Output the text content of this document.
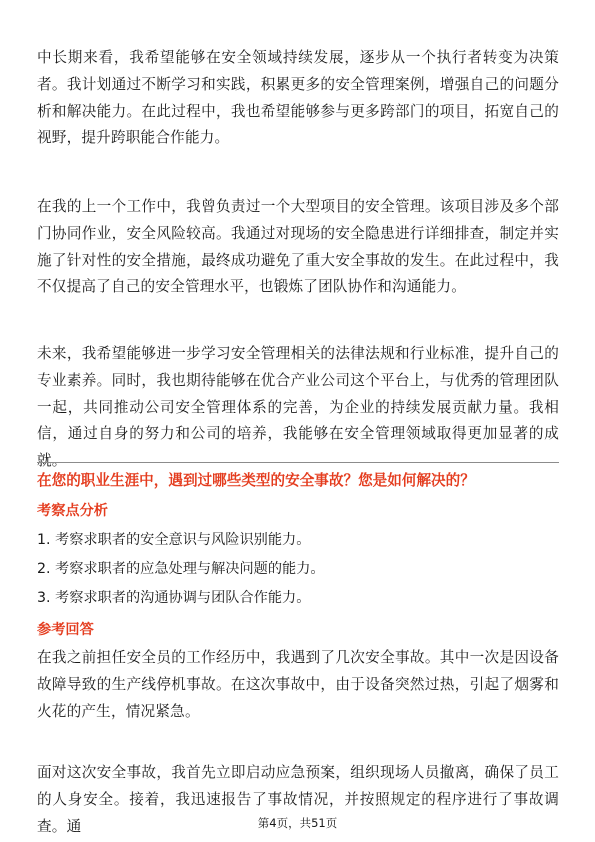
中长期来看，我希望能够在安全领域持续发展，逐步从一个执行者转变为决策者。我计划通过不断学习和实践，积累更多的安全管理案例，增强自己的问题分析和解决能力。在此过程中，我也希望能够参与更多跨部门的项目，拓宽自己的视野，提升跨职能合作能力。

在我的上一个工作中，我曾负责过一个大型项目的安全管理。该项目涉及多个部门协同作业，安全风险较高。我通过对现场的安全隐患进行详细排查，制定并实施了针对性的安全措施，最终成功避免了重大安全事故的发生。在此过程中，我不仅提高了自己的安全管理水平，也锻炼了团队协作和沟通能力。

未来，我希望能够进一步学习安全管理相关的法律法规和行业标准，提升自己的专业素养。同时，我也期待能够在优合产业公司这个平台上，与优秀的管理团队一起，共同推动公司安全管理体系的完善，为企业的持续发展贡献力量。我相信，通过自身的努力和公司的培养，我能够在安全管理领域取得更加显著的成就。

在您的职业生涯中，遇到过哪些类型的安全事故？您是如何解决的？
考察点分析
1. 考察求职者的安全意识与风险识别能力。
2. 考察求职者的应急处理与解决问题的能力。
3. 考察求职者的沟通协调与团队合作能力。
参考回答

在我之前担任安全员的工作经历中，我遇到了几次安全事故。其中一次是因设备故障导致的生产线停机事故。在这次事故中，由于设备突然过热，引起了烟雾和火花的产生，情况紧急。

面对这次安全事故，我首先立即启动应急预案，组织现场人员撤离，确保了员工的人身安全。接着，我迅速报告了事故情况，并按照规定的程序进行了事故调查。通	第4页，共51页
